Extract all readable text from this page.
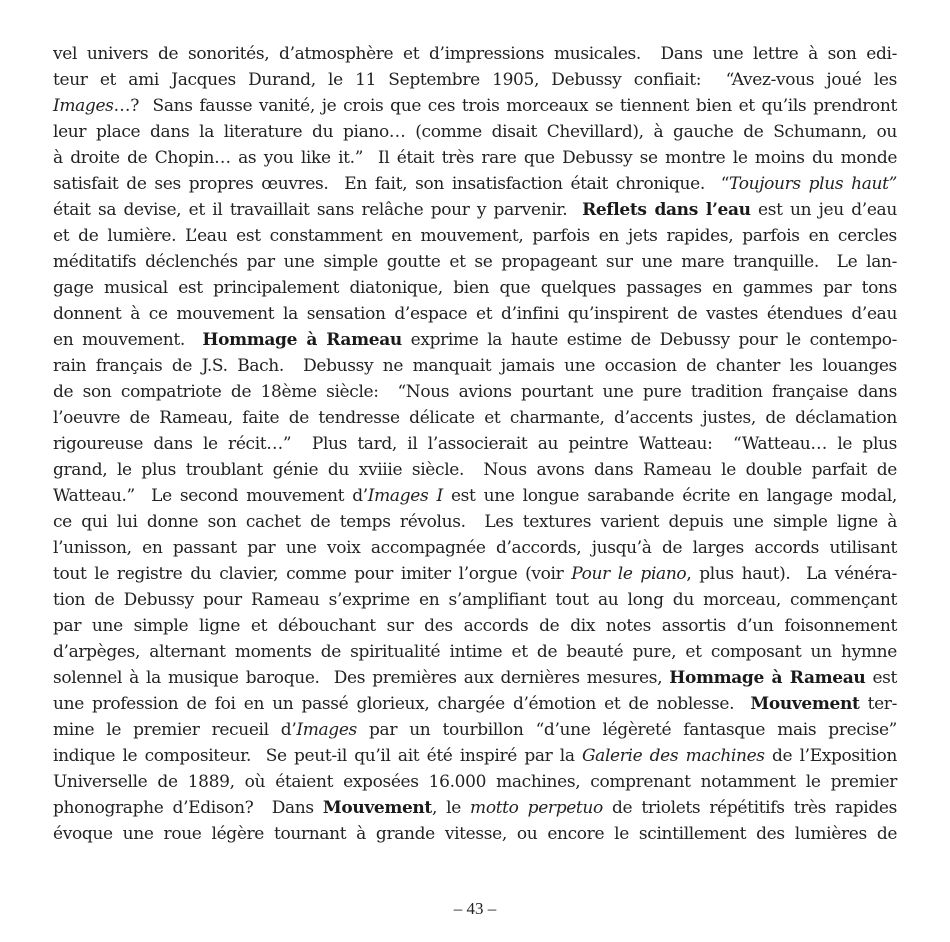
vel univers de sonorités, d’atmosphère et d’impressions musicales.  Dans une lettre à son edi-
teur et ami Jacques Durand, le 11 Septembre 1905, Debussy confiait:  “Avez-vous joué les
Images…?  Sans fausse vanité, je crois que ces trois morceaux se tiennent bien et qu’ils prendront
leur place dans la literature du piano… (comme disait Chevillard), à gauche de Schumann, ou
à droite de Chopin… as you like it.”  Il était très rare que Debussy se montre le moins du monde
satisfait de ses propres œuvres.  En fait, son insatisfaction était chronique.  “Toujours plus haut”
était sa devise, et il travaillait sans relâche pour y parvenir.  Reflets dans l’eau est un jeu d’eau
et de lumière. L’eau est constamment en mouvement, parfois en jets rapides, parfois en cercles
méditatifs déclenchés par une simple goutte et se propageant sur une mare tranquille.  Le lan-
gage musical est principalement diatonique, bien que quelques passages en gammes par tons
donnent à ce mouvement la sensation d’espace et d’infini qu’inspirent de vastes étendues d’eau
en mouvement.  Hommage à Rameau exprime la haute estime de Debussy pour le contempo-
rain français de J.S. Bach.  Debussy ne manquait jamais une occasion de chanter les louanges
de son compatriote de 18ème siècle:  “Nous avions pourtant une pure tradition française dans
l’oeuvre de Rameau, faite de tendresse délicate et charmante, d’accents justes, de déclamation
rigoureuse dans le récit…”  Plus tard, il l’associerait au peintre Watteau:  “Watteau… le plus
grand, le plus troublant génie du xviiie siècle.  Nous avons dans Rameau le double parfait de
Watteau.”  Le second mouvement d’Images I est une longue sarabande écrite en langage modal,
ce qui lui donne son cachet de temps révolus.  Les textures varient depuis une simple ligne à
l’unisson, en passant par une voix accompagnée d’accords, jusqu’à de larges accords utilisant
tout le registre du clavier, comme pour imiter l’orgue (voir Pour le piano, plus haut).  La vénéra-
tion de Debussy pour Rameau s’exprime en s’amplifiant tout au long du morceau, commençant
par une simple ligne et débouchant sur des accords de dix notes assortis d’un foisonnement
d’arpèges, alternant moments de spiritualité intime et de beauté pure, et composant un hymne
solennel à la musique baroque.  Des premières aux dernières mesures, Hommage à Rameau est
une profession de foi en un passé glorieux, chargée d’émotion et de noblesse.  Mouvement ter-
mine le premier recueil d’Images par un tourbillon “d’une légèreté fantasque mais precise”
indique le compositeur.  Se peut-il qu’il ait été inspiré par la Galerie des machines de l’Exposition
Universelle de 1889, où étaient exposées 16.000 machines, comprenant notamment le premier
phonographe d’Edison?  Dans Mouvement, le motto perpetuo de triolets répétitifs très rapides
évoque une roue légère tournant à grande vitesse, ou encore le scintillement des lumières de
– 43 –
